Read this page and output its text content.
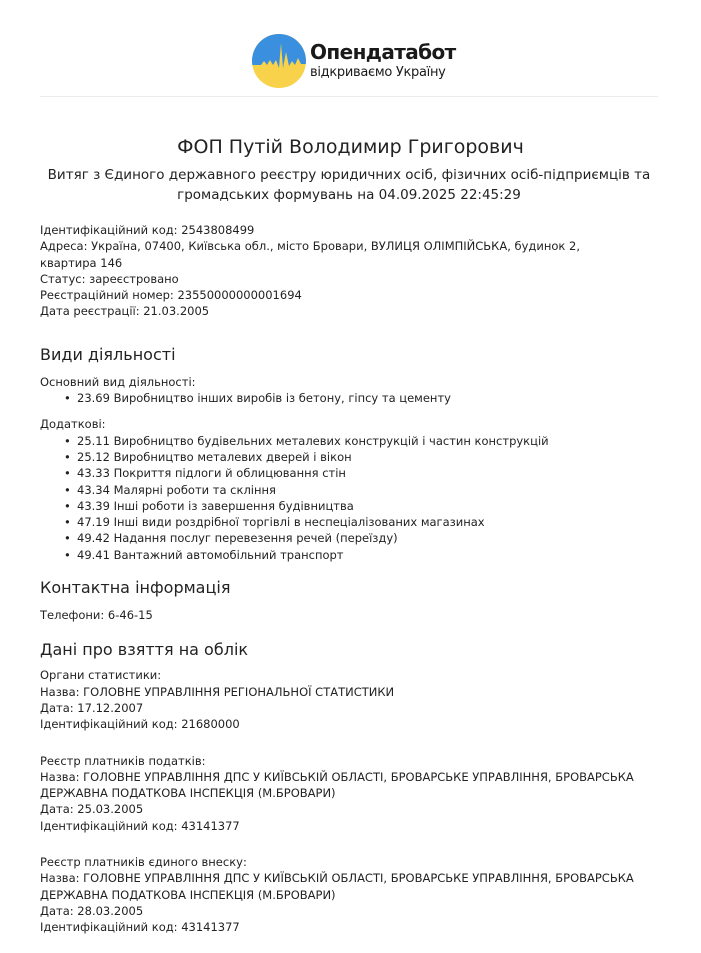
Опендатабот
відкриваємо Україну
ФОП Путій Володимир Григорович
Витяг з Єдиного державного реєстру юридичних осіб, фізичних осіб-підприємців та громадських формувань на 04.09.2025 22:45:29
Ідентифікаційний код: 2543808499
Адреса: Україна, 07400, Київська обл., місто Бровари, ВУЛИЦЯ ОЛІМПІЙСЬКА, будинок 2, квартира 146
Статус: зареєстровано
Реєстраційний номер: 23550000000001694
Дата реєстрації: 21.03.2005
Види діяльності
Основний вид діяльності:
• 23.69 Виробництво інших виробів із бетону, гіпсу та цементу
Додаткові:
• 25.11 Виробництво будівельних металевих конструкцій і частин конструкцій
• 25.12 Виробництво металевих дверей і вікон
• 43.33 Покриття підлоги й облицювання стін
• 43.34 Малярні роботи та скління
• 43.39 Інші роботи із завершення будівництва
• 47.19 Інші види роздрібної торгівлі в неспеціалізованих магазинах
• 49.42 Надання послуг перевезення речей (переїзду)
• 49.41 Вантажний автомобільний транспорт
Контактна інформація
Телефони: 6-46-15
Дані про взяття на облік
Органи статистики:
Назва: ГОЛОВНЕ УПРАВЛІННЯ РЕГІОНАЛЬНОЇ СТАТИСТИКИ
Дата: 17.12.2007
Ідентифікаційний код: 21680000
Реєстр платників податків:
Назва: ГОЛОВНЕ УПРАВЛІННЯ ДПС У КИЇВСЬКІЙ ОБЛАСТІ, БРОВАРСЬКЕ УПРАВЛІННЯ, БРОВАРСЬКА ДЕРЖАВНА ПОДАТКОВА ІНСПЕКЦІЯ (М.БРОВАРИ)
Дата: 25.03.2005
Ідентифікаційний код: 43141377
Реєстр платників єдиного внеску:
Назва: ГОЛОВНЕ УПРАВЛІННЯ ДПС У КИЇВСЬКІЙ ОБЛАСТІ, БРОВАРСЬКЕ УПРАВЛІННЯ, БРОВАРСЬКА ДЕРЖАВНА ПОДАТКОВА ІНСПЕКЦІЯ (М.БРОВАРИ)
Дата: 28.03.2005
Ідентифікаційний код: 43141377
